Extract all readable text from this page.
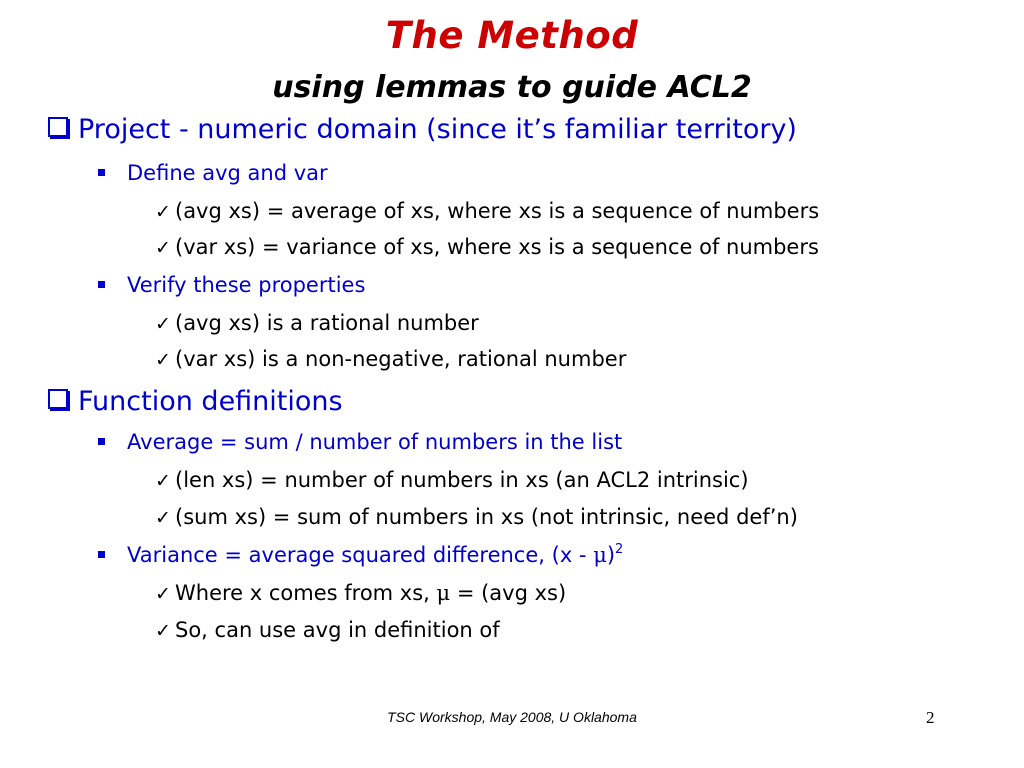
The Method
using lemmas to guide ACL2
Project - numeric domain (since it’s familiar territory)
Define avg and var
✓ (avg xs) = average of xs, where xs is a sequence of numbers
✓ (var xs) = variance of xs, where xs is a sequence of numbers
Verify these properties
✓ (avg xs) is a rational number
✓ (var xs) is a non-negative, rational number
Function definitions
Average = sum / number of numbers in the list
✓ (len xs) = number of numbers in xs (an ACL2 intrinsic)
✓ (sum xs) = sum of numbers in xs (not intrinsic, need def’n)
Variance = average squared difference, (x - μ)$^2$
✓ Where x comes from xs, μ = (avg xs)
✓ So, can use avg in definition of
TSC Workshop, May 2008, U Oklahoma	2
